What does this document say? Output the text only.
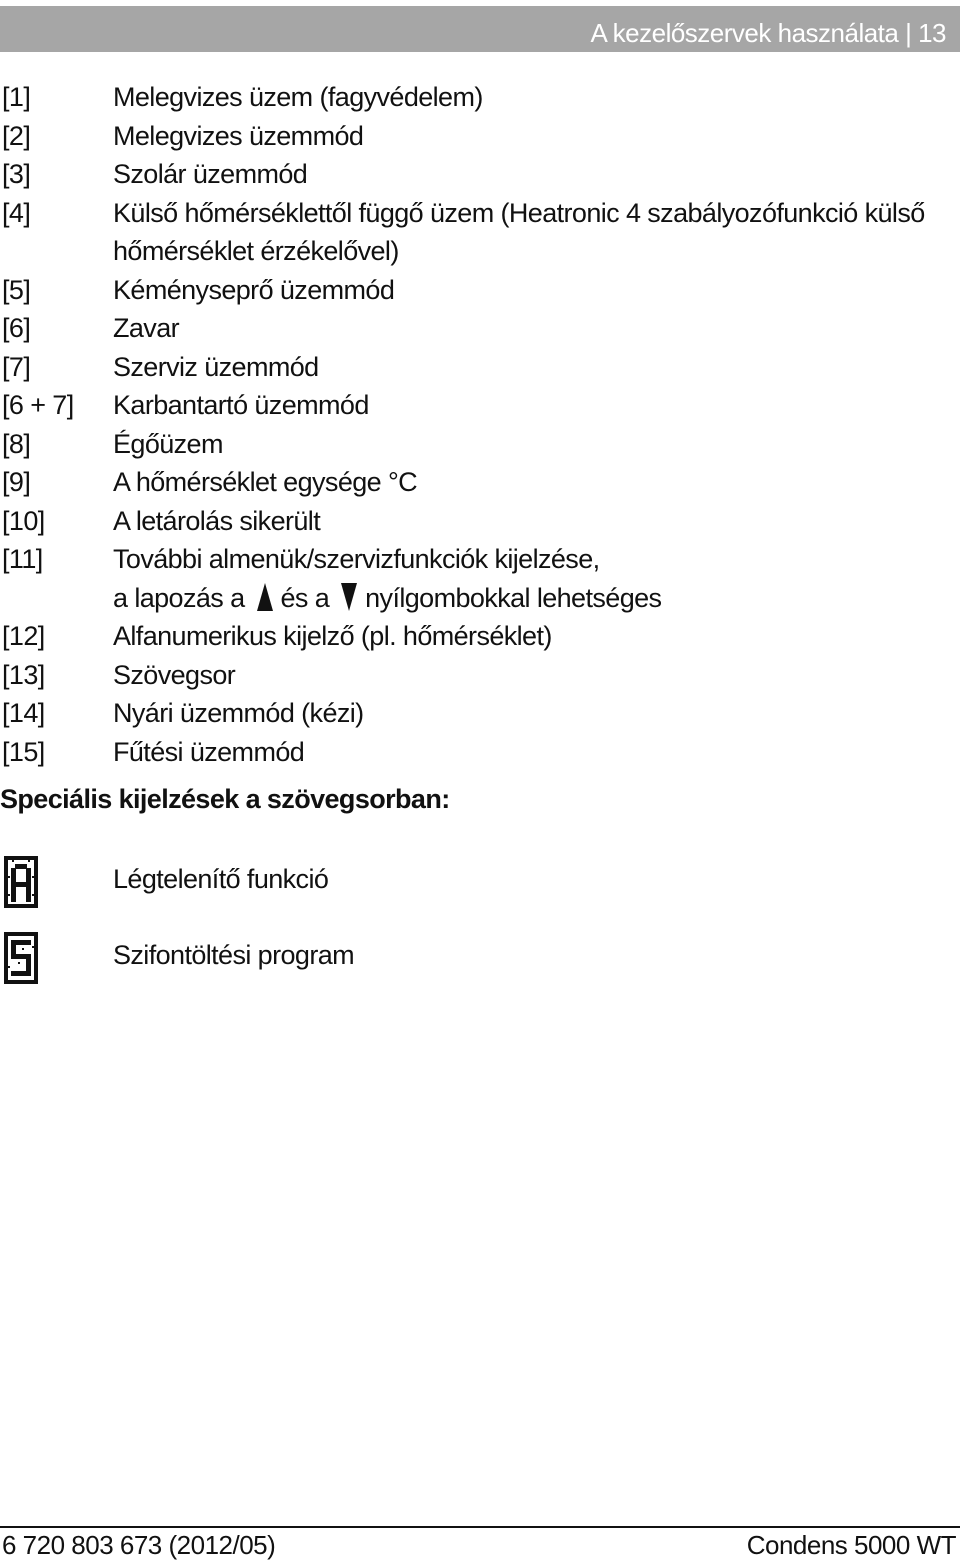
A kezelőszervek használata | 13
[1]	Melegvizes üzem (fagyvédelem)
[2]	Melegvizes üzemmód
[3]	Szolár üzemmód
[4]	Külső hőmérséklettől függő üzem (Heatronic 4 szabályozófunkció külső
hőmérséklet érzékelővel)
[5]	Kéményseprő üzemmód
[6]	Zavar
[7]	Szerviz üzemmód
[6 + 7] Karbantartó üzemmód
[8]	Égőüzem
[9]	A hőmérséklet egysége °C
[10]	A letárolás sikerült
[11]	További almenük/szervizfunkciók kijelzése,
a lapozás a és a nyílgombokkal lehetséges
[12]	Alfanumerikus kijelző (pl. hőmérséklet)
[13]	Szövegsor
[14]	Nyári üzemmód (kézi)
[15]	Fűtési üzemmód
Speciális kijelzések a szövegsorban:
Légtelenítő funkció
Szifontöltési program
6 720 803 673 (2012/05)	Condens 5000 WT
